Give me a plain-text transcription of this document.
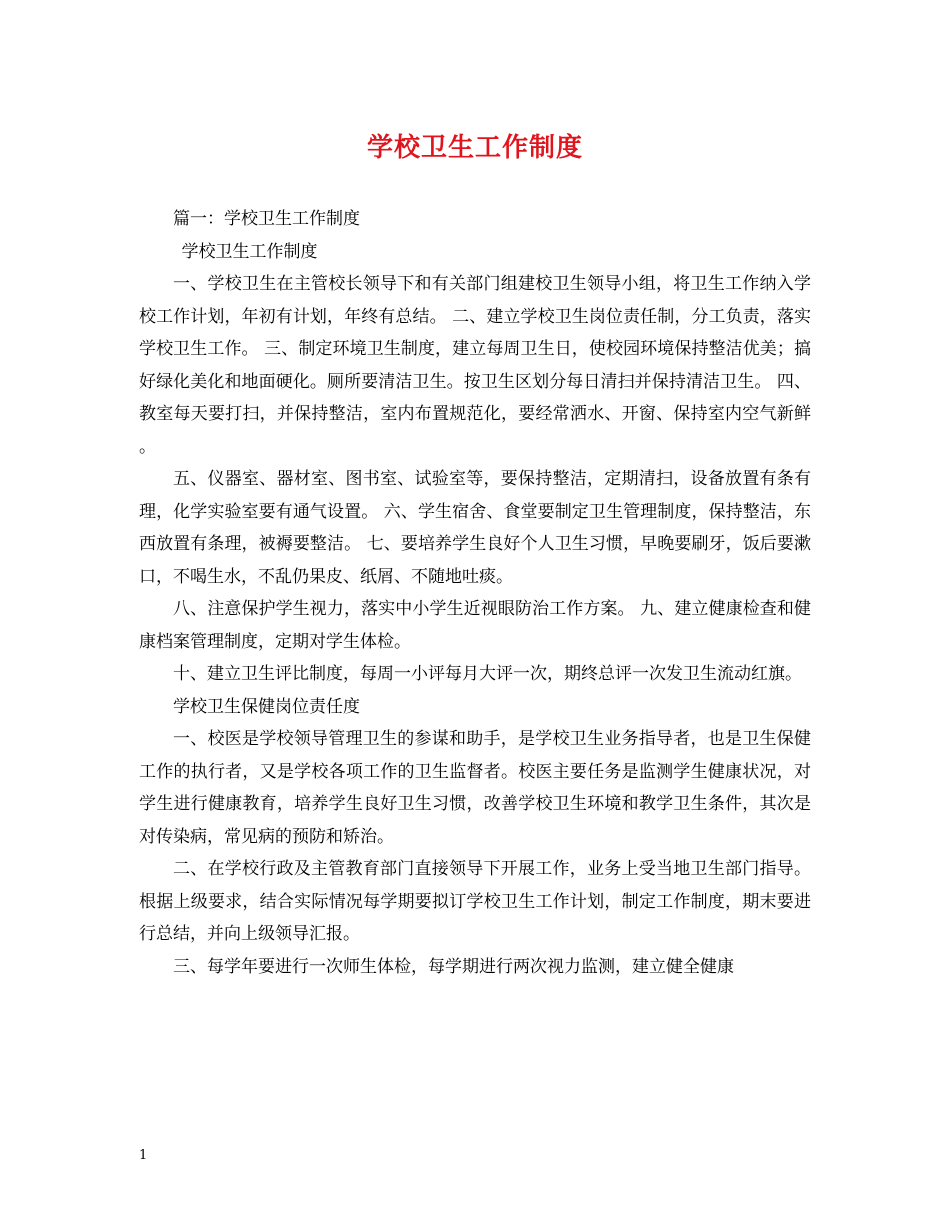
学校卫生工作制度

篇一：学校卫生工作制度

学校卫生工作制度

一、学校卫生在主管校长领导下和有关部门组建校卫生领导小组，将卫生工作纳入学校工作计划，年初有计划，年终有总结。 二、建立学校卫生岗位责任制，分工负责，落实学校卫生工作。 三、制定环境卫生制度，建立每周卫生日，使校园环境保持整洁优美；搞好绿化美化和地面硬化。厕所要清洁卫生。按卫生区划分每日清扫并保持清洁卫生。 四、教室每天要打扫，并保持整洁，室内布置规范化，要经常洒水、开窗、保持室内空气新鲜。

五、仪器室、器材室、图书室、试验室等，要保持整洁，定期清扫，设备放置有条有理，化学实验室要有通气设置。 六、学生宿舍、食堂要制定卫生管理制度，保持整洁，东西放置有条理，被褥要整洁。 七、要培养学生良好个人卫生习惯，早晚要刷牙，饭后要漱口，不喝生水，不乱仍果皮、纸屑、不随地吐痰。

八、注意保护学生视力，落实中小学生近视眼防治工作方案。 九、建立健康检查和健康档案管理制度，定期对学生体检。

十、建立卫生评比制度，每周一小评每月大评一次，期终总评一次发卫生流动红旗。

学校卫生保健岗位责任度

一、校医是学校领导管理卫生的参谋和助手，是学校卫生业务指导者，也是卫生保健工作的执行者，又是学校各项工作的卫生监督者。校医主要任务是监测学生健康状况，对学生进行健康教育，培养学生良好卫生习惯，改善学校卫生环境和教学卫生条件，其次是对传染病，常见病的预防和矫治。

二、在学校行政及主管教育部门直接领导下开展工作，业务上受当地卫生部门指导。根据上级要求，结合实际情况每学期要拟订学校卫生工作计划，制定工作制度，期末要进行总结，并向上级领导汇报。

三、每学年要进行一次师生体检，每学期进行两次视力监测，建立健全健康

1
